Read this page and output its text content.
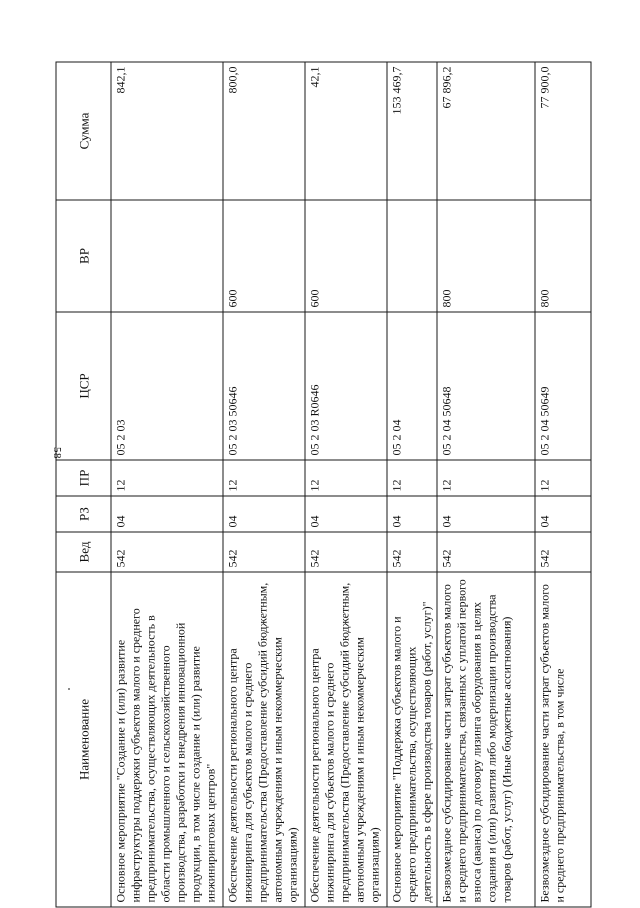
58
Наименование	Вед	РЗ	ПР	ЦСР	ВР	Сумма
Основное мероприятие "Создание и (или) развитие инфраструктуры поддержки субъектов малого и среднего предпринимательства, осуществляющих деятельность в области промышленного и сельскохозяйственного производства, разработки и внедрения инновационной продукции, в том числе создание и (или) развитие инжиниринговых центров"	542	04	12	05 2 03		842,1
Обеспечение деятельности регионального центра инжиниринга для субъектов малого и среднего предпринимательства (Предоставление субсидий бюджетным, автономным учреждениям и иным некоммерческим организациям)	542	04	12	05 2 03 50646	600	800,0
Обеспечение деятельности регионального центра инжиниринга для субъектов малого и среднего предпринимательства (Предоставление субсидий бюджетным, автономным учреждениям и иным некоммерческим организациям)	542	04	12	05 2 03 R0646	600	42,1
Основное мероприятие "Поддержка субъектов малого и среднего предпринимательства, осуществляющих деятельность в сфере производства товаров (работ, услуг)"	542	04	12	05 2 04		153 469,7
Безвозмездное субсидирование части затрат субъектов малого и среднего предпринимательства, связанных с уплатой первого взноса (аванса) по договору лизинга оборудования в целях создания и (или) развития либо модернизации производства товаров (работ, услуг) (Иные бюджетные ассигнования)	542	04	12	05 2 04 50648	800	67 896,2
Безвозмездное субсидирование части затрат субъектов малого и среднего предпринимательства, в том числе	542	04	12	05 2 04 50649	800	77 900,0
